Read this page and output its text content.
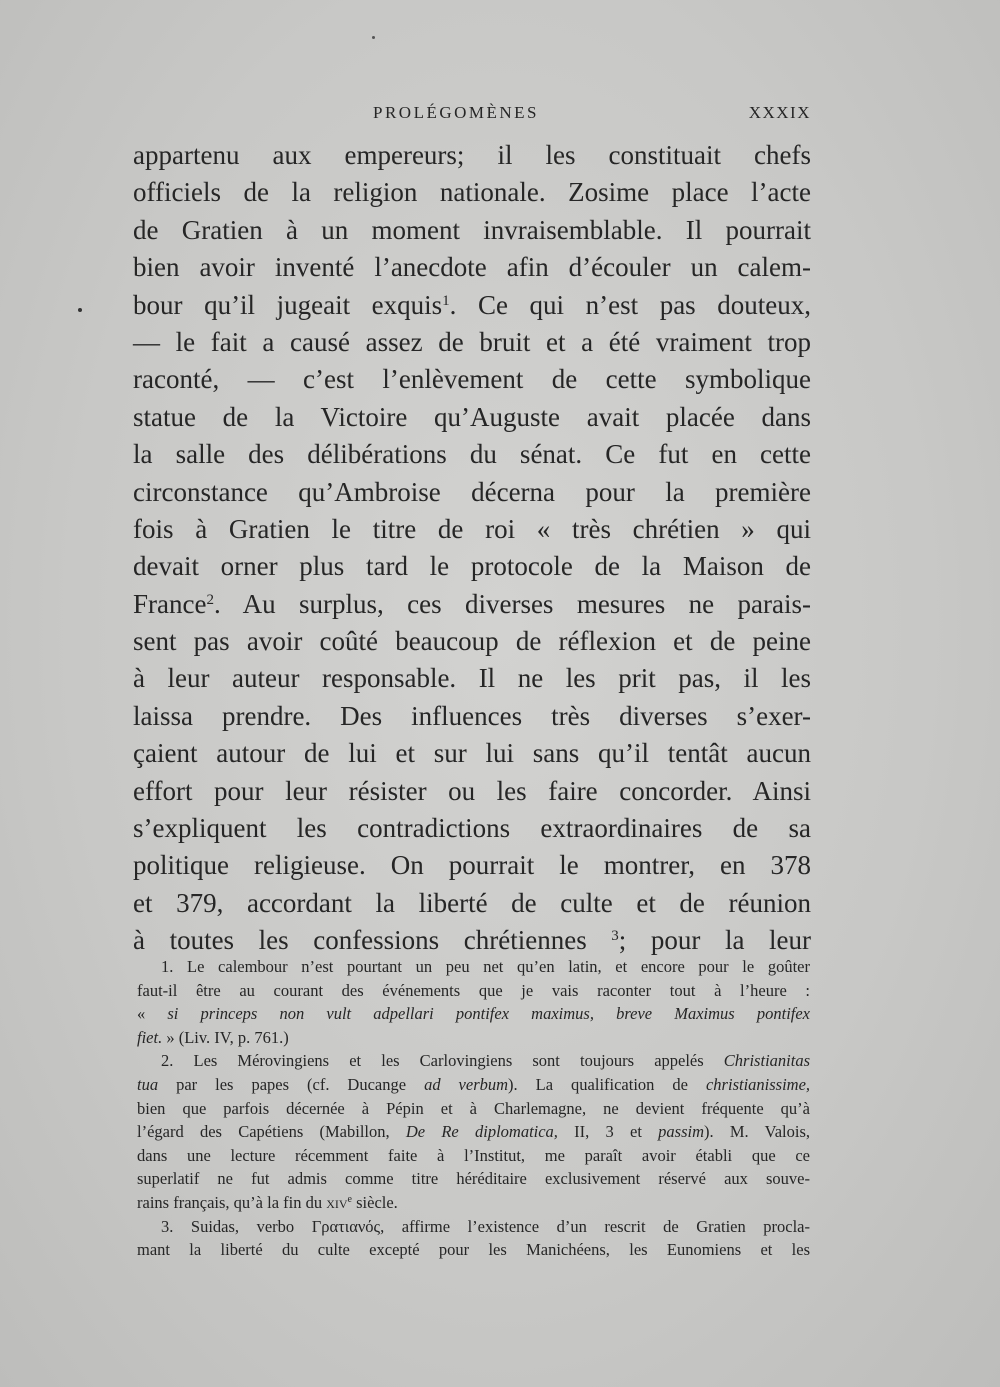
PROLÉGOMÈNES	XXXIX
appartenu aux empereurs; il les constituait chefs
officiels de la religion nationale. Zosime place l’acte
de Gratien à un moment invraisemblable. Il pourrait
bien avoir inventé l’anecdote afin d’écouler un calem-
bour qu’il jugeait exquis$^1$. Ce qui n’est pas douteux,
— le fait a causé assez de bruit et a été vraiment trop
raconté, — c’est l’enlèvement de cette symbolique
statue de la Victoire qu’Auguste avait placée dans
la salle des délibérations du sénat. Ce fut en cette
circonstance qu’Ambroise décerna pour la première
fois à Gratien le titre de roi « très chrétien » qui
devait orner plus tard le protocole de la Maison de
France$^2$. Au surplus, ces diverses mesures ne parais-
sent pas avoir coûté beaucoup de réflexion et de peine
à leur auteur responsable. Il ne les prit pas, il les
laissa prendre. Des influences très diverses s’exer-
çaient autour de lui et sur lui sans qu’il tentât aucun
effort pour leur résister ou les faire concorder. Ainsi
s’expliquent les contradictions extraordinaires de sa
politique religieuse. On pourrait le montrer, en 378
et 379, accordant la liberté de culte et de réunion
à toutes les confessions chrétiennes $^3$; pour la leur
1. Le calembour n’est pourtant un peu net qu’en latin, et encore pour le goûter
faut-il être au courant des événements que je vais raconter tout à l’heure :
« si princeps non vult adpellari pontifex maximus, breve Maximus pontifex
fiet. » (Liv. IV, p. 761.)
2. Les Mérovingiens et les Carlovingiens sont toujours appelés Christianitas
tua par les papes (cf. Ducange ad verbum). La qualification de christianissime,
bien que parfois décernée à Pépin et à Charlemagne, ne devient fréquente qu’à
l’égard des Capétiens (Mabillon, De Re diplomatica, II, 3 et passim). M. Valois,
dans une lecture récemment faite à l’Institut, me paraît avoir établi que ce
superlatif ne fut admis comme titre héréditaire exclusivement réservé aux souve-
rains français, qu’à la fin du xiv$^e$ siècle.
3. Suidas, verbo Γρατιανός, affirme l’existence d’un rescrit de Gratien procla-
mant la liberté du culte excepté pour les Manichéens, les Eunomiens et les
